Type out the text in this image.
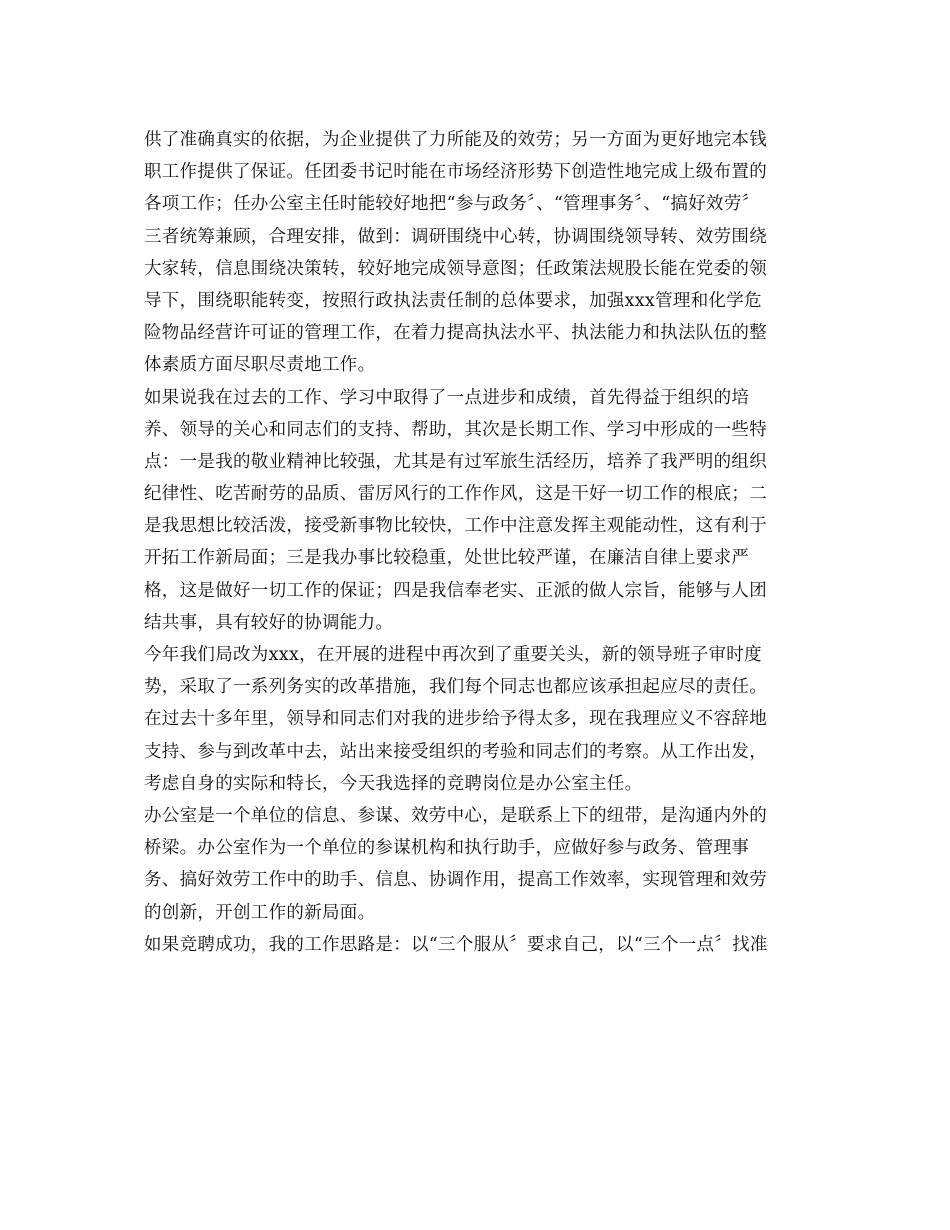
供了准确真实的依据，为企业提供了力所能及的效劳；另一方面为更好地完本钱
职工作提供了保证。任团委书记时能在市场经济形势下创造性地完成上级布置的
各项工作；任办公室主任时能较好地把“参与政务〞、“管理事务〞、“搞好效劳〞
三者统筹兼顾，合理安排，做到：调研围绕中心转，协调围绕领导转、效劳围绕
大家转，信息围绕决策转，较好地完成领导意图；任政策法规股长能在党委的领
导下，围绕职能转变，按照行政执法责任制的总体要求，加强xxx管理和化学危
险物品经营许可证的管理工作，在着力提高执法水平、执法能力和执法队伍的整
体素质方面尽职尽责地工作。
如果说我在过去的工作、学习中取得了一点进步和成绩，首先得益于组织的培
养、领导的关心和同志们的支持、帮助，其次是长期工作、学习中形成的一些特
点：一是我的敬业精神比较强，尤其是有过军旅生活经历，培养了我严明的组织
纪律性、吃苦耐劳的品质、雷厉风行的工作作风，这是干好一切工作的根底；二
是我思想比较活泼，接受新事物比较快，工作中注意发挥主观能动性，这有利于
开拓工作新局面；三是我办事比较稳重，处世比较严谨，在廉洁自律上要求严
格，这是做好一切工作的保证；四是我信奉老实、正派的做人宗旨，能够与人团
结共事，具有较好的协调能力。
今年我们局改为xxx，在开展的进程中再次到了重要关头，新的领导班子审时度
势，采取了一系列务实的改革措施，我们每个同志也都应该承担起应尽的责任。
在过去十多年里，领导和同志们对我的进步给予得太多，现在我理应义不容辞地
支持、参与到改革中去，站出来接受组织的考验和同志们的考察。从工作出发，
考虑自身的实际和特长，今天我选择的竞聘岗位是办公室主任。
办公室是一个单位的信息、参谋、效劳中心，是联系上下的纽带，是沟通内外的
桥梁。办公室作为一个单位的参谋机构和执行助手，应做好参与政务、管理事
务、搞好效劳工作中的助手、信息、协调作用，提高工作效率，实现管理和效劳
的创新，开创工作的新局面。
如果竞聘成功，我的工作思路是：以“三个服从〞要求自己，以“三个一点〞找准
